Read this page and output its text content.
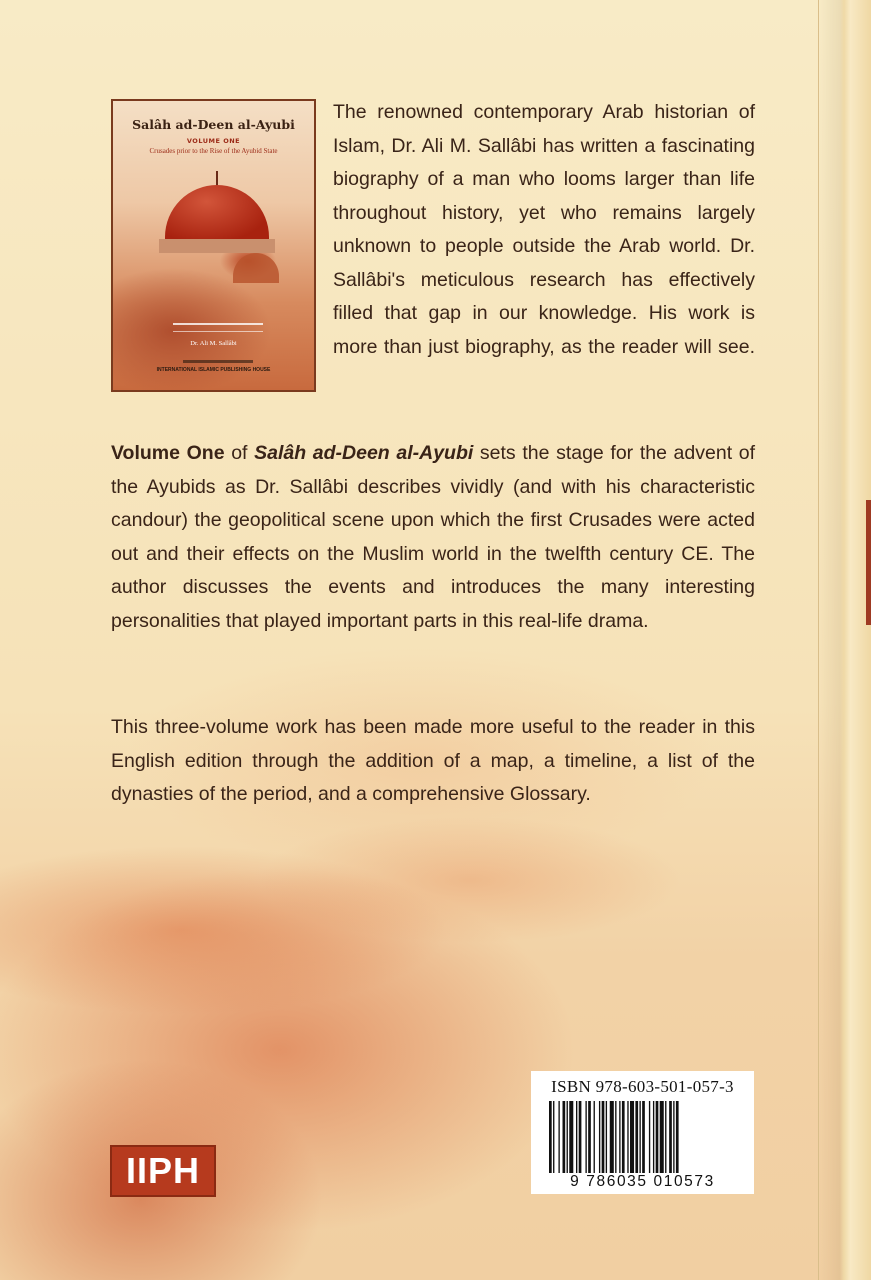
Salâh ad-Deen al-Ayubi
VOLUME ONE
Crusades prior to the Rise of the Ayubid State
Dr. Ali M. Sallâbi
INTERNATIONAL ISLAMIC PUBLISHING HOUSE
The renowned contemporary Arab historian of Islam, Dr. Ali M. Sallâbi has written a fascinating biography of a man who looms larger than life throughout history, yet who remains largely unknown to people outside the Arab world. Dr. Sallâbi's meticulous research has effectively filled that gap in our knowledge. His work is more than just biography, as the reader will see.
Volume One of Salâh ad-Deen al-Ayubi sets the stage for the advent of the Ayubids as Dr. Sallâbi describes vividly (and with his characteristic candour) the geopolitical scene upon which the first Crusades were acted out and their effects on the Muslim world in the twelfth century CE. The author discusses the events and introduces the many interesting personalities that played important parts in this real-life drama.
This three-volume work has been made more useful to the reader in this English edition through the addition of a map, a timeline, a list of the dynasties of the period, and a comprehensive Glossary.
IIPH
ISBN 978-603-501-057-3
9 786035 010573
